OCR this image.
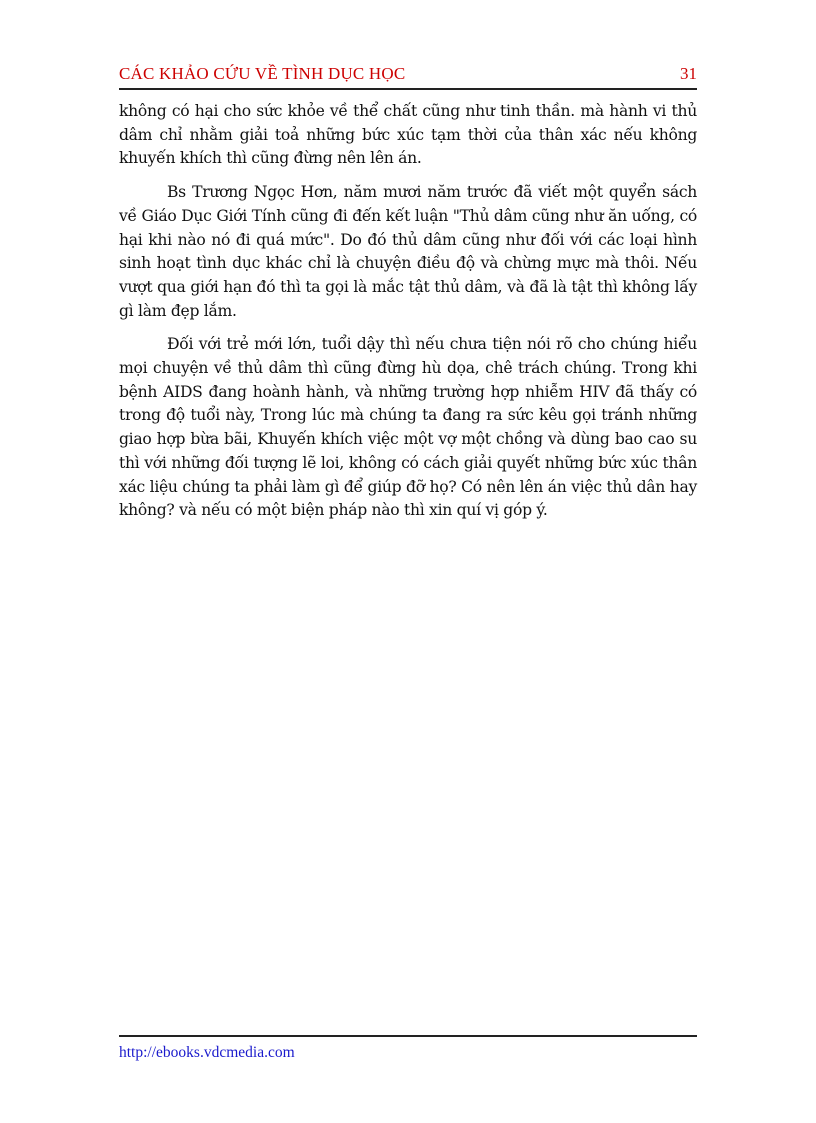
CÁC KHẢO CỨU VỀ TÌNH DỤC HỌC	31

không có hại cho sức khỏe về thể chất cũng như tinh thần. mà hành vi thủ dâm chỉ nhằm giải toả những bức xúc tạm thời của thân xác nếu không khuyến khích thì cũng đừng nên lên án.

Bs Trương Ngọc Hơn, năm mươi năm trước đã viết một quyển sách về Giáo Dục Giới Tính cũng đi đến kết luận "Thủ dâm cũng như ăn uống, có hại khi nào nó đi quá mức". Do đó thủ dâm cũng như đối với các loại hình sinh hoạt tình dục khác chỉ là chuyện điều độ và chừng mực mà thôi. Nếu vượt qua giới hạn đó thì ta gọi là mắc tật thủ dâm, và đã là tật thì không lấy gì làm đẹp lắm.

Đối với trẻ mới lớn, tuổi dậy thì nếu chưa tiện nói rõ cho chúng hiểu mọi chuyện về thủ dâm thì cũng đừng hù dọa, chê trách chúng. Trong khi bệnh AIDS đang hoành hành, và những trường hợp nhiễm HIV đã thấy có trong độ tuổi này, Trong lúc mà chúng ta đang ra sức kêu gọi tránh những giao hợp bừa bãi, Khuyến khích việc một vợ một chồng và dùng bao cao su thì với những đối tượng lẽ loi, không có cách giải quyết những bức xúc thân xác liệu chúng ta phải làm gì để giúp đỡ họ? Có nên lên án việc thủ dân hay không? và nếu có một biện pháp nào thì xin quí vị góp ý.

http://ebooks.vdcmedia.com
